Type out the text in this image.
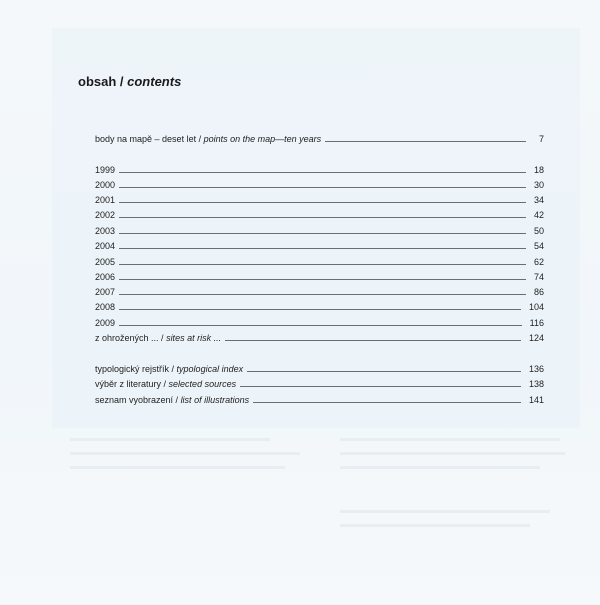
obsah / contents
body na mapě – deset let / points on the map—ten years	7
1999	18
2000	30
2001	34
2002	42
2003	50
2004	54
2005	62
2006	74
2007	86
2008	104
2009	116
z ohrožených ... / sites at risk ...	124
typologický rejstřík / typological index	136
výběr z literatury / selected sources	138
seznam vyobrazení / list of illustrations	141
